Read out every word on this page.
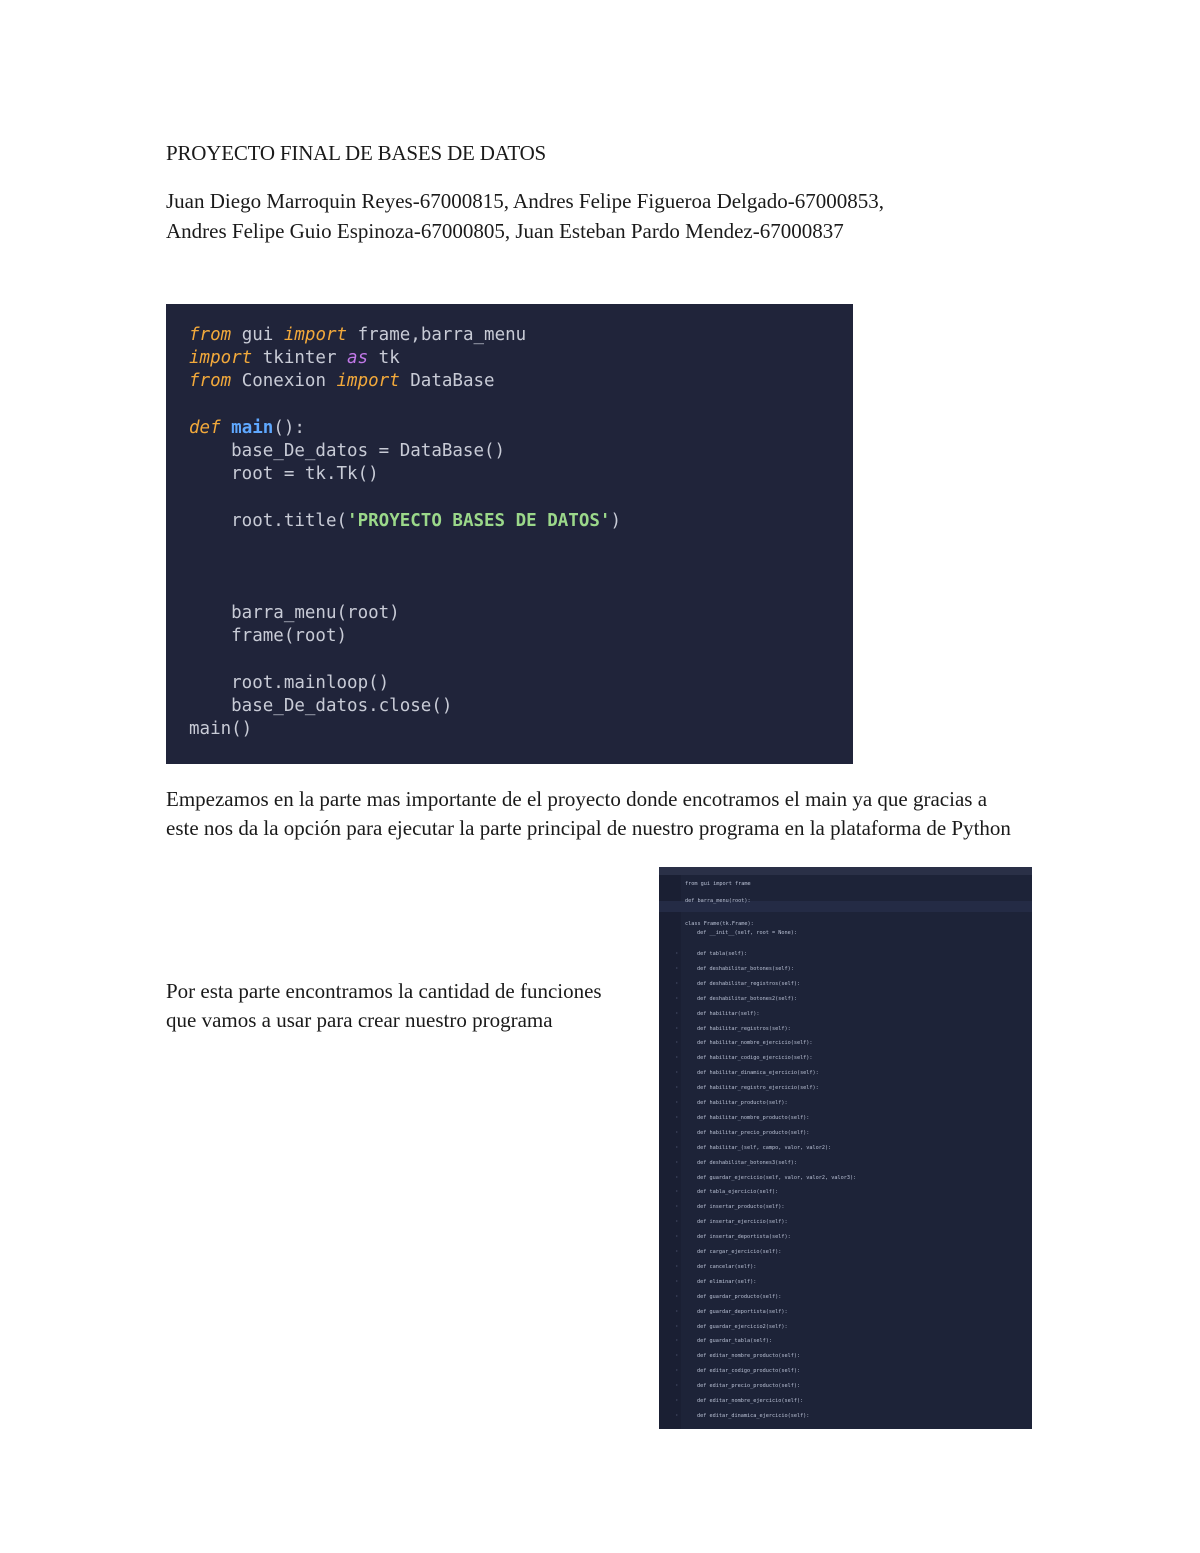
PROYECTO FINAL DE BASES DE DATOS
Juan Diego Marroquin Reyes-67000815, Andres Felipe Figueroa Delgado-67000853,
Andres Felipe Guio Espinoza-67000805, Juan Esteban Pardo Mendez-67000837
from gui import frame,barra_menu
import tkinter as tk
from Conexion import DataBase

def main():
base_De_datos = DataBase()
root = tk.Tk()

root.title('PROYECTO BASES DE DATOS')

barra_menu(root)
frame(root)

root.mainloop()
base_De_datos.close()
main()
Empezamos en la parte mas importante de el proyecto donde encotramos el main ya que gracias a este nos da la opción para ejecutar la parte principal de nuestro programa en la plataforma de Python
from gui import frame
def barra_menu(root):
class Frame(tk.Frame):
def __init__(self, root = None):
›	def tabla(self):
›	def deshabilitar_botones(self):
›	def deshabilitar_registros(self):
›	def deshabilitar_botones2(self):
›	def habilitar(self):
›	def habilitar_registros(self):
›	def habilitar_nombre_ejercicio(self):
›	def habilitar_codigo_ejercicio(self):
›	def habilitar_dinamica_ejercicio(self):
›	def habilitar_registro_ejercicio(self):
›	def habilitar_producto(self):
›	def habilitar_nombre_producto(self):
›	def habilitar_precio_producto(self):
›	def habilitar_(self, campo, valor, valor2):
›	def deshabilitar_botones3(self):
›	def guardar_ejercicio(self, valor, valor2, valor3):
›	def tabla_ejercicio(self):
›	def insertar_producto(self):
›	def insertar_ejercicio(self):
›	def insertar_deportista(self):
›	def cargar_ejercicio(self):
›	def cancelar(self):
›	def eliminar(self):
›	def guardar_producto(self):
›	def guardar_deportista(self):
›	def guardar_ejercicio2(self):
›	def guardar_tabla(self):
›	def editar_nombre_producto(self):
›	def editar_codigo_producto(self):
›	def editar_precio_producto(self):
›	def editar_nombre_ejercicio(self):
›	def editar_dinamica_ejercicio(self):
Por esta parte encontramos la cantidad de funciones que vamos a usar para crear nuestro programa
